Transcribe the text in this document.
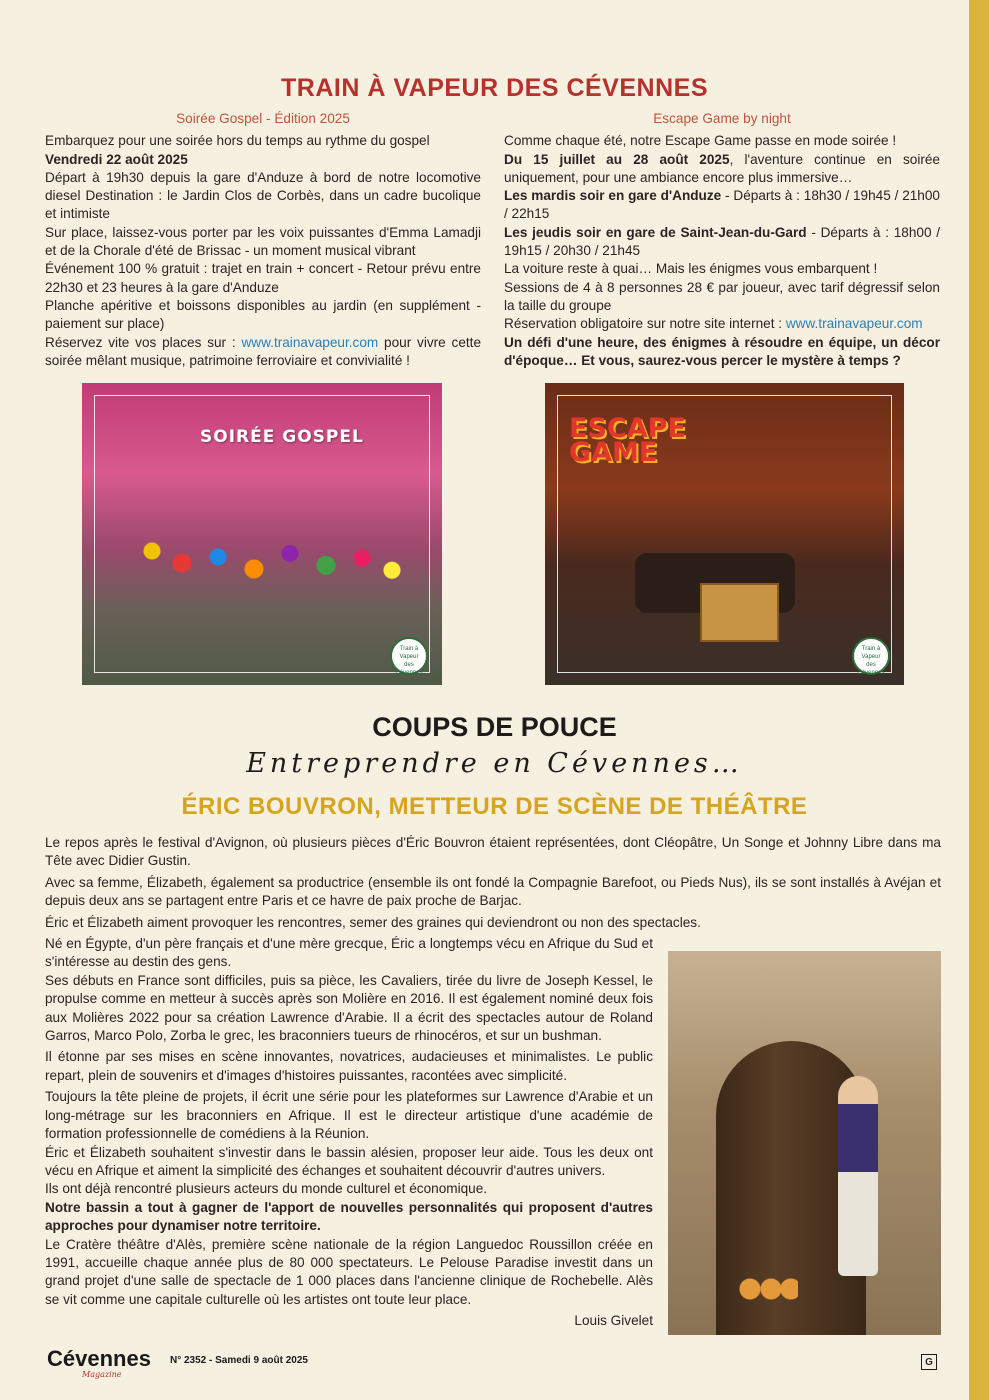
TRAIN À VAPEUR DES CÉVENNES

Soirée Gospel - Édition 2025

Embarquez pour une soirée hors du temps au rythme du gospel

Vendredi 22 août 2025

Départ à 19h30 depuis la gare d'Anduze à bord de notre locomotive diesel Destination : le Jardin Clos de Corbès, dans un cadre bucolique et intimiste

Sur place, laissez-vous porter par les voix puissantes d'Emma Lamadji et de la Chorale d'été de Brissac - un moment musical vibrant

Événement 100 % gratuit : trajet en train + concert - Retour prévu entre 22h30 et 23 heures à la gare d'Anduze

Planche apéritive et boissons disponibles au jardin (en supplément - paiement sur place)

Réservez vite vos places sur : www.trainavapeur.com pour vivre cette soirée mêlant musique, patrimoine ferroviaire et convivialité !

Escape Game by night

Comme chaque été, notre Escape Game passe en mode soirée !

Du 15 juillet au 28 août 2025, l'aventure continue en soirée uniquement, pour une ambiance encore plus immersive…

Les mardis soir en gare d'Anduze - Départs à : 18h30 / 19h45 / 21h00 / 22h15

Les jeudis soir en gare de Saint-Jean-du-Gard - Départs à : 18h00 / 19h15 / 20h30 / 21h45

La voiture reste à quai… Mais les énigmes vous embarquent !

Sessions de 4 à 8 personnes 28 € par joueur, avec tarif dégressif selon la taille du groupe

Réservation obligatoire sur notre site internet : www.trainavapeur.com

Un défi d'une heure, des énigmes à résoudre en équipe, un décor d'époque… Et vous, saurez-vous percer le mystère à temps ?

SOIRÉE GOSPEL
Train à Vapeur
des Cévennes
ESCAPE
GAME
Train à Vapeur
des Cévennes
COUPS DE POUCE
Entreprendre en Cévennes…
ÉRIC BOUVRON, METTEUR DE SCÈNE DE THÉÂTRE

Le repos après le festival d'Avignon, où plusieurs pièces d'Éric Bouvron étaient représentées, dont Cléopâtre, Un Songe et Johnny Libre dans ma Tête avec Didier Gustin.

Avec sa femme, Élizabeth, également sa productrice (ensemble ils ont fondé la Compagnie Barefoot, ou Pieds Nus), ils se sont installés à Avéjan et depuis deux ans se partagent entre Paris et ce havre de paix proche de Barjac.

Éric et Élizabeth aiment provoquer les rencontres, semer des graines qui deviendront ou non des spectacles.

Né en Égypte, d'un père français et d'une mère grecque, Éric a longtemps vécu en Afrique du Sud et s'intéresse au destin des gens.

Ses débuts en France sont difficiles, puis sa pièce, les Cavaliers, tirée du livre de Joseph Kessel, le propulse comme en metteur à succès après son Molière en 2016. Il est également nominé deux fois aux Molières 2022 pour sa création Lawrence d'Arabie. Il a écrit des spectacles autour de Roland Garros, Marco Polo, Zorba le grec, les braconniers tueurs de rhinocéros, et sur un bushman.

Il étonne par ses mises en scène innovantes, novatrices, audacieuses et minimalistes. Le public repart, plein de souvenirs et d'images d'histoires puissantes, racontées avec simplicité.

Toujours la tête pleine de projets, il écrit une série pour les plateformes sur Lawrence d'Arabie et un long-métrage sur les braconniers en Afrique. Il est le directeur artistique d'une académie de formation professionnelle de comédiens à la Réunion.

Éric et Élizabeth souhaitent s'investir dans le bassin alésien, proposer leur aide. Tous les deux ont vécu en Afrique et aiment la simplicité des échanges et souhaitent découvrir d'autres univers.

Ils ont déjà rencontré plusieurs acteurs du monde culturel et économique.

Notre bassin a tout à gagner de l'apport de nouvelles personnalités qui proposent d'autres approches pour dynamiser notre territoire.

Le Cratère théâtre d'Alès, première scène nationale de la région Languedoc Roussillon créée en 1991, accueille chaque année plus de 80 000 spectateurs. Le Pelouse Paradise investit dans un grand projet d'une salle de spectacle de 1 000 places dans l'ancienne clinique de Rochebelle. Alès se vit comme une capitale culturelle où les artistes ont toute leur place.

Louis Givelet

Cévennes
Magazine
N° 2352 - Samedi 9 août 2025	G
